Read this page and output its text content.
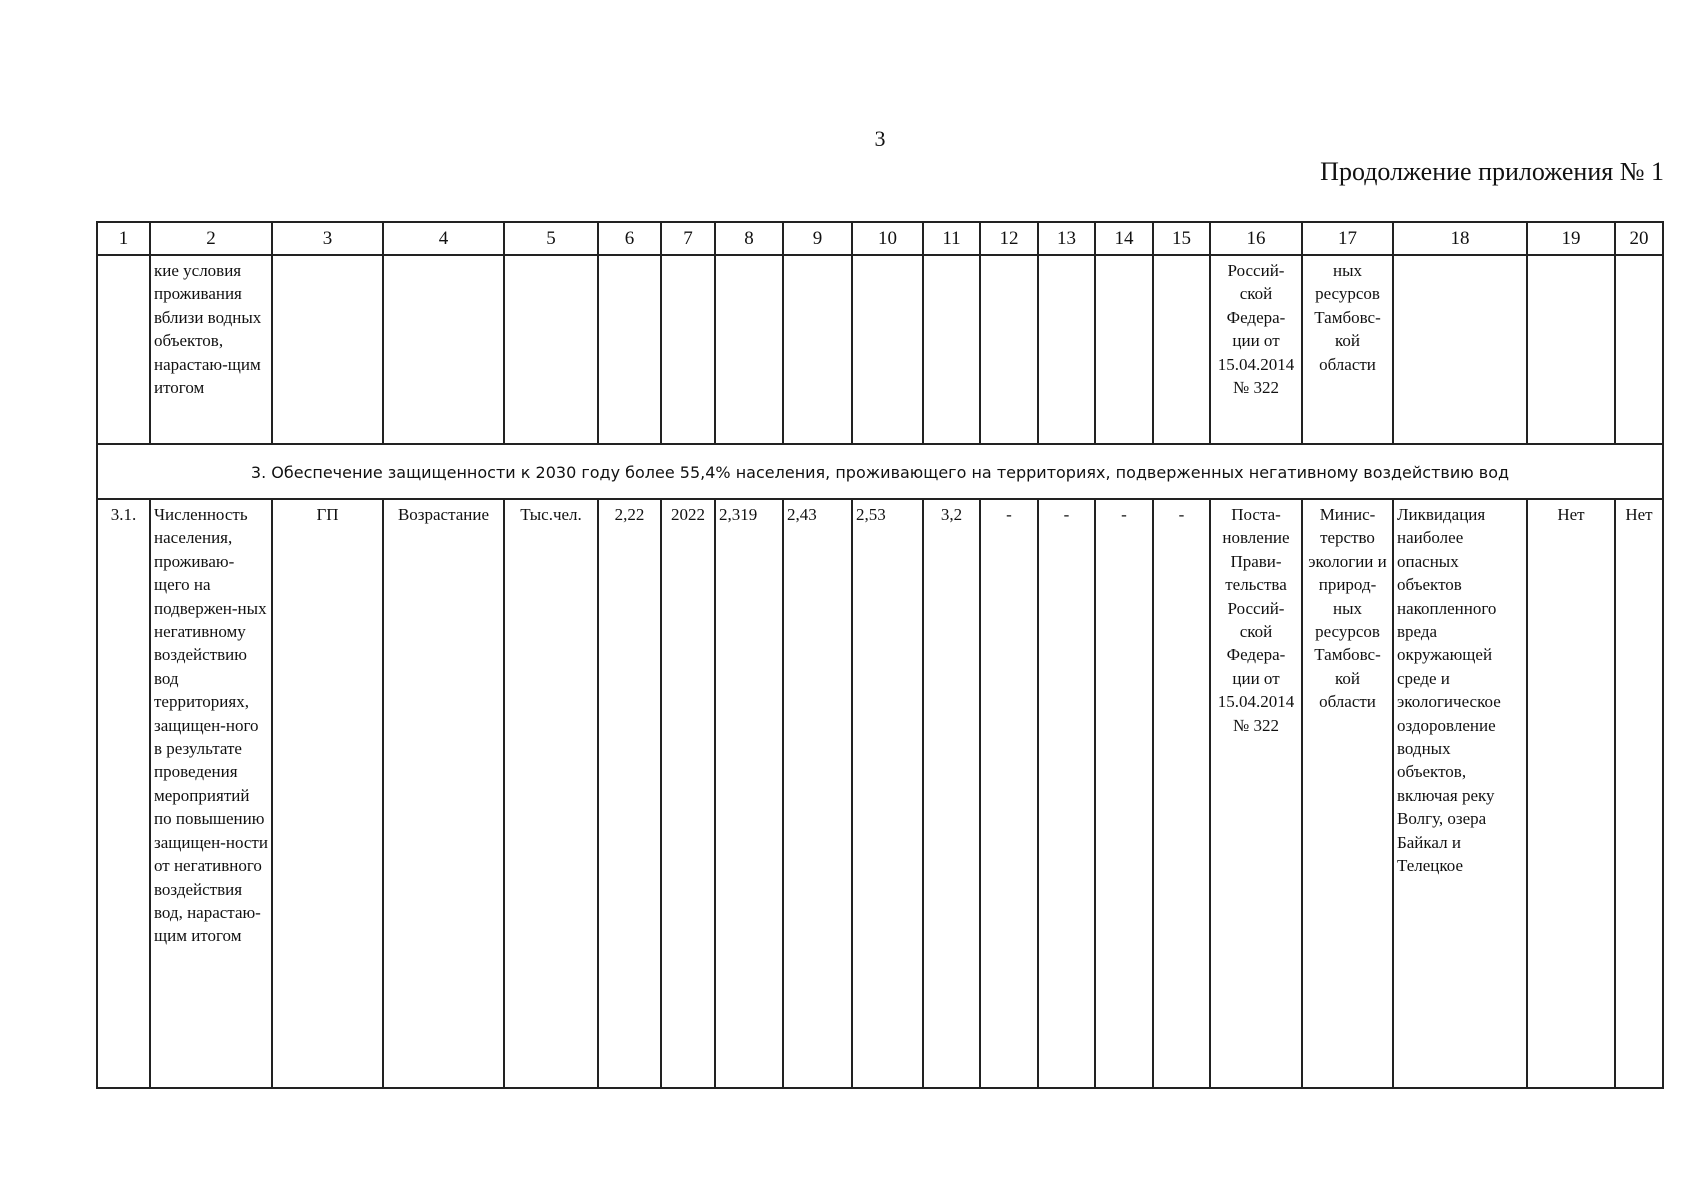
3
Продолжение приложения № 1
1	2	3	4	5	6	7	8	9	10	11	12	13	14	15	16	17	18	19	20
	кие условия проживания вблизи водных объектов, нарастаю-щим итогом														Россий-ской Федера-ции от 15.04.2014 № 322	ных ресурсов Тамбовс-кой области			
3. Обеспечение защищенности к 2030 году более 55,4% населения, проживающего на территориях, подверженных негативному воздействию вод																			
3.1.	Численность населения, проживаю-щего на подвержен-ных негативному воздействию вод территориях, защищен-ного в результате проведения мероприятий по повышению защищен-ности от негативного воздействия вод, нарастаю-щим итогом	ГП	Возрастание	Тыс.чел.	2,22	2022	2,319	2,43	2,53	3,2	-	-	-	-	Поста-новление Прави-тельства Россий-ской Федера-ции от 15.04.2014 № 322	Минис-терство экологии и природ-ных ресурсов Тамбовс-кой области	Ликвидация наиболее опасных объектов накопленного вреда окружающей среде и экологическое оздоровление водных объектов, включая реку Волгу, озера Байкал и Телецкое	Нет	Нет
